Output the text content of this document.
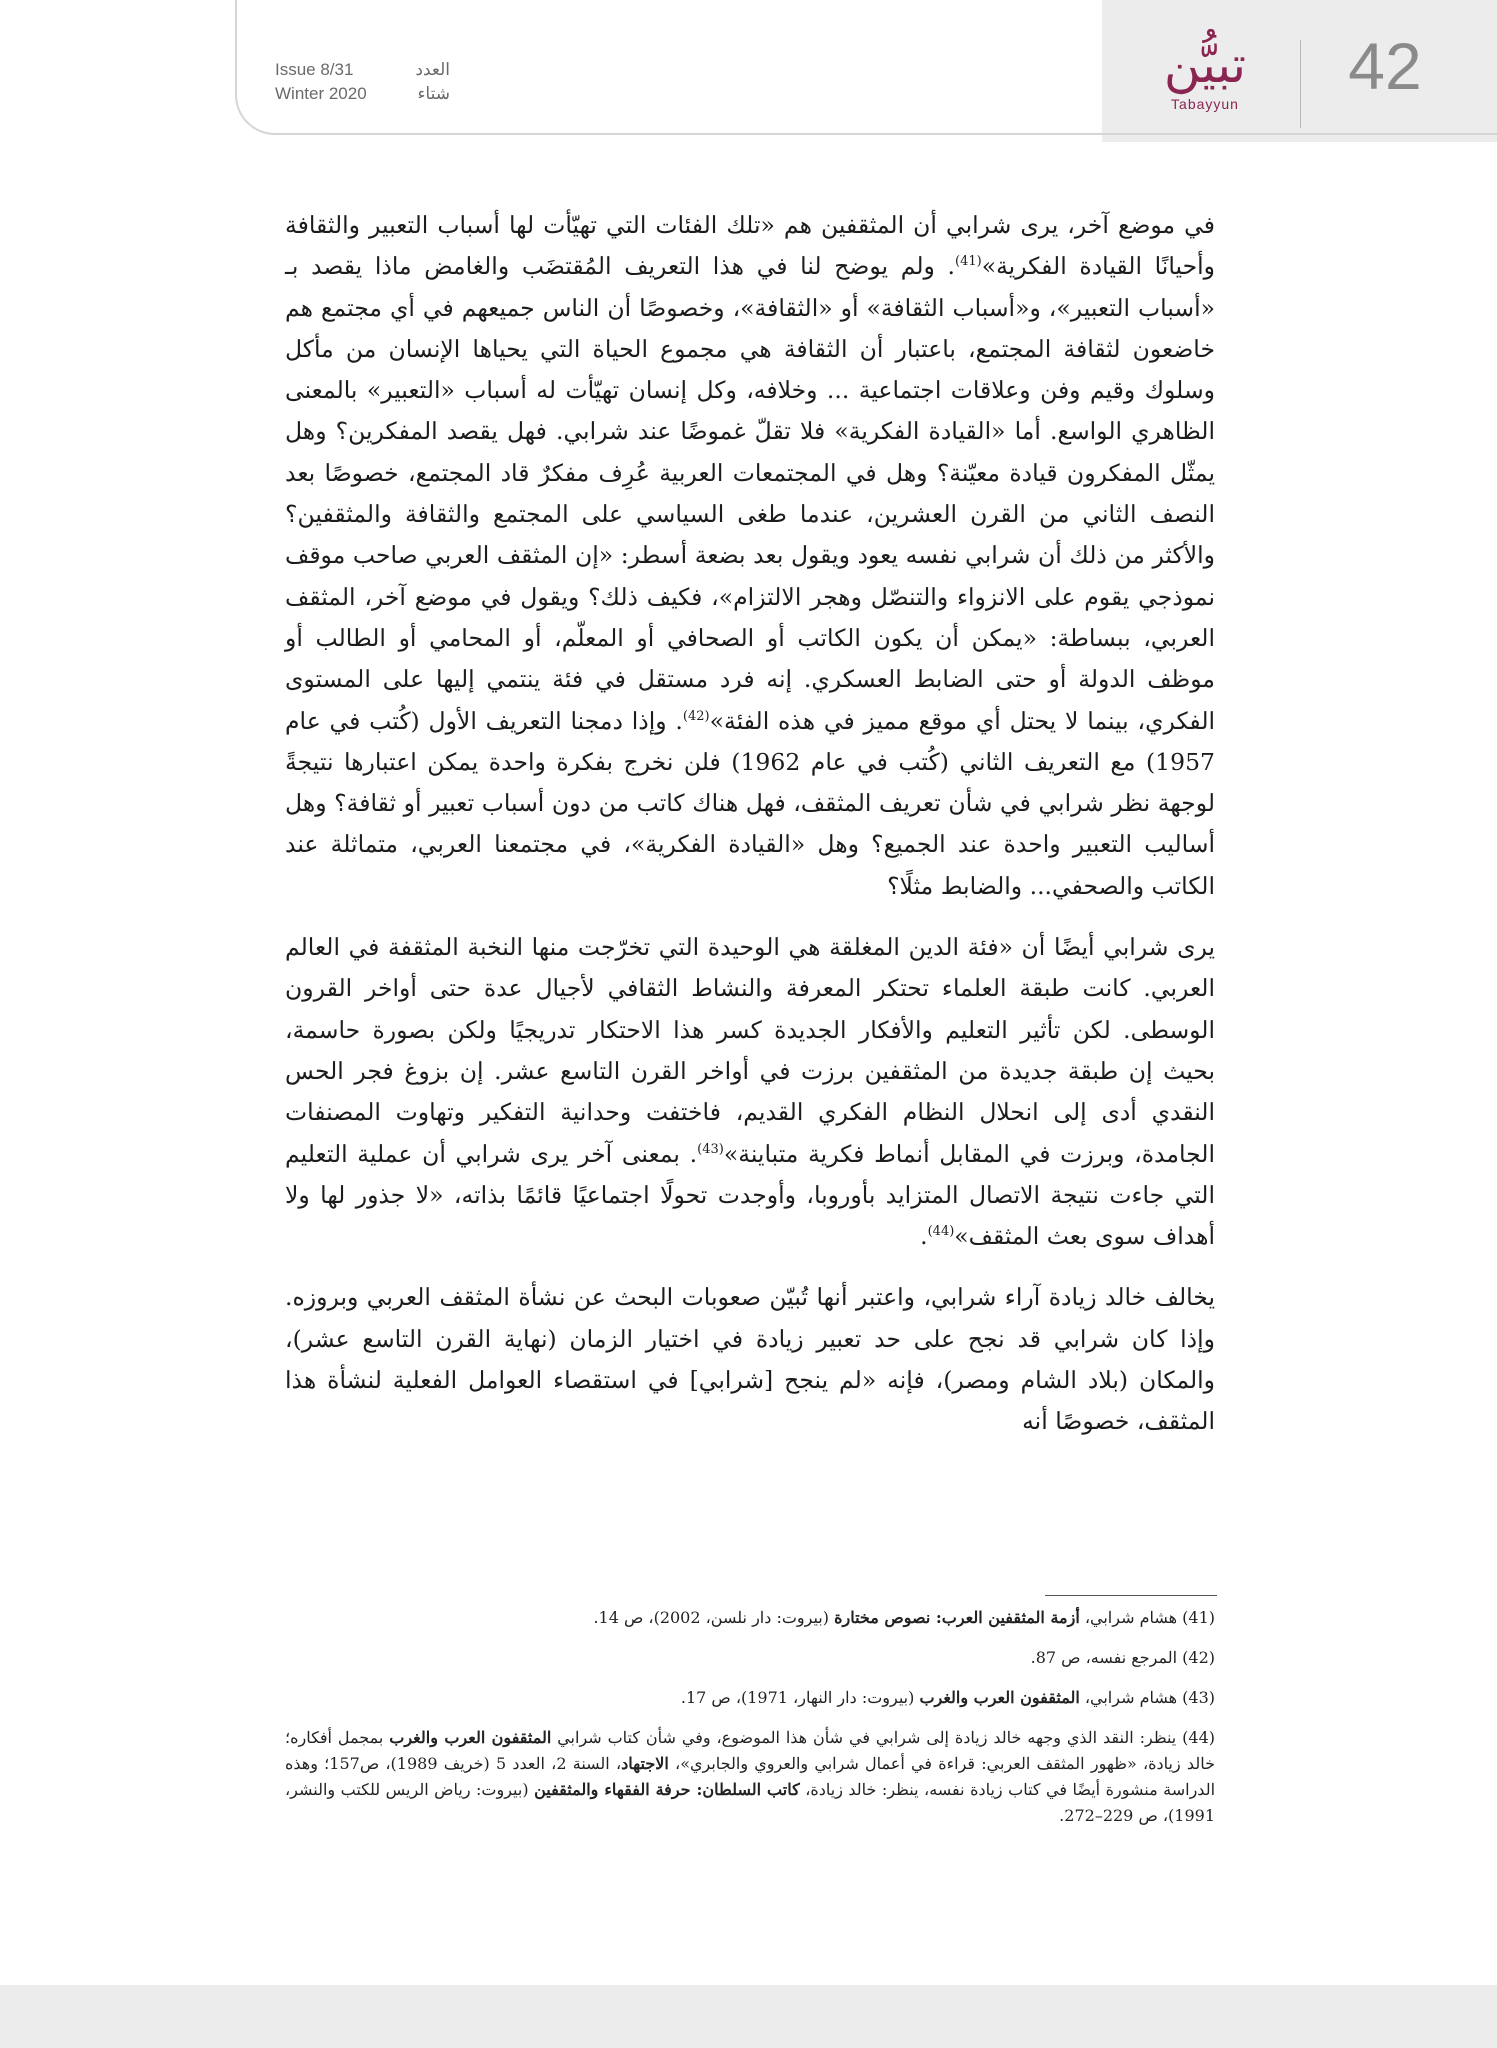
Issue 8/31	العدد
Winter 2020	شتاء	تبيُّن
Tabayyun
42

في موضع آخر، يرى شرابي أن المثقفين هم «تلك الفئات التي تهيّأت لها أسباب التعبير والثقافة وأحيانًا القيادة الفكرية»$^{(41)}$. ولم يوضح لنا في هذا التعريف المُقتضَب والغامض ماذا يقصد بـ «أسباب التعبير»، و«أسباب الثقافة» أو «الثقافة»، وخصوصًا أن الناس جميعهم في أي مجتمع هم خاضعون لثقافة المجتمع، باعتبار أن الثقافة هي مجموع الحياة التي يحياها الإنسان من مأكل وسلوك وقيم وفن وعلاقات اجتماعية ... وخلافه، وكل إنسان تهيّأت له أسباب «التعبير» بالمعنى الظاهري الواسع. أما «القيادة الفكرية» فلا تقلّ غموضًا عند شرابي. فهل يقصد المفكرين؟ وهل يمثّل المفكرون قيادة معيّنة؟ وهل في المجتمعات العربية عُرِف مفكرٌ قاد المجتمع، خصوصًا بعد النصف الثاني من القرن العشرين، عندما طغى السياسي على المجتمع والثقافة والمثقفين؟ والأكثر من ذلك أن شرابي نفسه يعود ويقول بعد بضعة أسطر: «إن المثقف العربي صاحب موقف نموذجي يقوم على الانزواء والتنصّل وهجر الالتزام»، فكيف ذلك؟ ويقول في موضع آخر، المثقف العربي، ببساطة: «يمكن أن يكون الكاتب أو الصحافي أو المعلّم، أو المحامي أو الطالب أو موظف الدولة أو حتى الضابط العسكري. إنه فرد مستقل في فئة ينتمي إليها على المستوى الفكري، بينما لا يحتل أي موقع مميز في هذه الفئة»$^{(42)}$. وإذا دمجنا التعريف الأول (كُتب في عام 1957) مع التعريف الثاني (كُتب في عام 1962) فلن نخرج بفكرة واحدة يمكن اعتبارها نتيجةً لوجهة نظر شرابي في شأن تعريف المثقف، فهل هناك كاتب من دون أسباب تعبير أو ثقافة؟ وهل أساليب التعبير واحدة عند الجميع؟ وهل «القيادة الفكرية»، في مجتمعنا العربي، متماثلة عند الكاتب والصحفي... والضابط مثلًا؟

يرى شرابي أيضًا أن «فئة الدين المغلقة هي الوحيدة التي تخرّجت منها النخبة المثقفة في العالم العربي. كانت طبقة العلماء تحتكر المعرفة والنشاط الثقافي لأجيال عدة حتى أواخر القرون الوسطى. لكن تأثير التعليم والأفكار الجديدة كسر هذا الاحتكار تدريجيًا ولكن بصورة حاسمة، بحيث إن طبقة جديدة من المثقفين برزت في أواخر القرن التاسع عشر. إن بزوغ فجر الحس النقدي أدى إلى انحلال النظام الفكري القديم، فاختفت وحدانية التفكير وتهاوت المصنفات الجامدة، وبرزت في المقابل أنماط فكرية متباينة»$^{(43)}$. بمعنى آخر يرى شرابي أن عملية التعليم التي جاءت نتيجة الاتصال المتزايد بأوروبا، وأوجدت تحولًا اجتماعيًا قائمًا بذاته، «لا جذور لها ولا أهداف سوى بعث المثقف»$^{(44)}$.

يخالف خالد زيادة آراء شرابي، واعتبر أنها تُبيّن صعوبات البحث عن نشأة المثقف العربي وبروزه. وإذا كان شرابي قد نجح على حد تعبير زيادة في اختيار الزمان (نهاية القرن التاسع عشر)، والمكان (بلاد الشام ومصر)، فإنه «لم ينجح [شرابي] في استقصاء العوامل الفعلية لنشأة هذا المثقف، خصوصًا أنه

(41) هشام شرابي، أزمة المثقفين العرب: نصوص مختارة (بيروت: دار نلسن، 2002)، ص 14.
(42) المرجع نفسه، ص 87.
(43) هشام شرابي، المثقفون العرب والغرب (بيروت: دار النهار، 1971)، ص 17.
(44) ينظر: النقد الذي وجهه خالد زيادة إلى شرابي في شأن هذا الموضوع، وفي شأن كتاب شرابي المثقفون العرب والغرب بمجمل أفكاره؛ خالد زيادة، «ظهور المثقف العربي: قراءة في أعمال شرابي والعروي والجابري»، الاجتهاد، السنة 2، العدد 5 (خريف 1989)، ص157؛ وهذه الدراسة منشورة أيضًا في كتاب زيادة نفسه، ينظر: خالد زيادة، كاتب السلطان: حرفة الفقهاء والمثقفين (بيروت: رياض الريس للكتب والنشر، 1991)، ص 229–272.
